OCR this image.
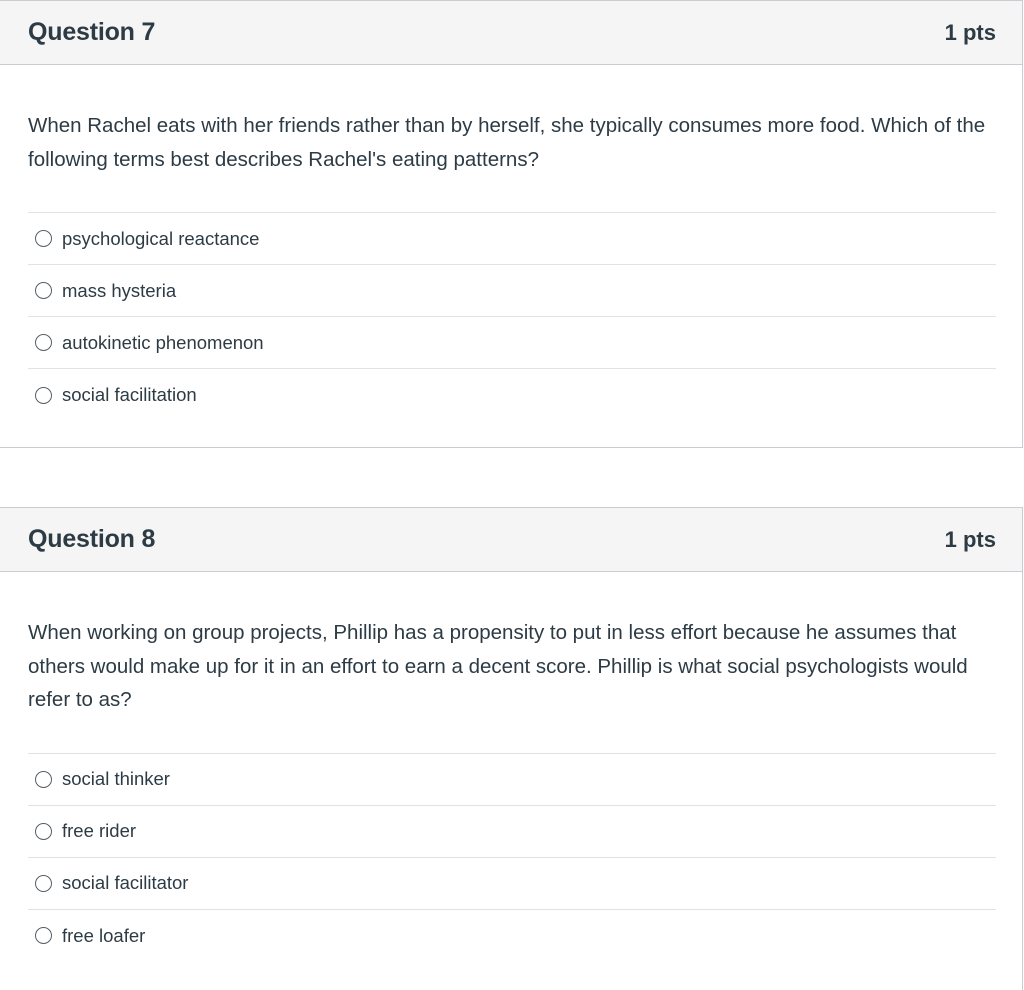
Question 7	1 pts
When Rachel eats with her friends rather than by herself, she typically consumes more food. Which of the following terms best describes Rachel's eating patterns?
psychological reactance
mass hysteria
autokinetic phenomenon
social facilitation
Question 8	1 pts
When working on group projects, Phillip has a propensity to put in less effort because he assumes that others would make up for it in an effort to earn a decent score. Phillip is what social psychologists would refer to as?
social thinker
free rider
social facilitator
free loafer
